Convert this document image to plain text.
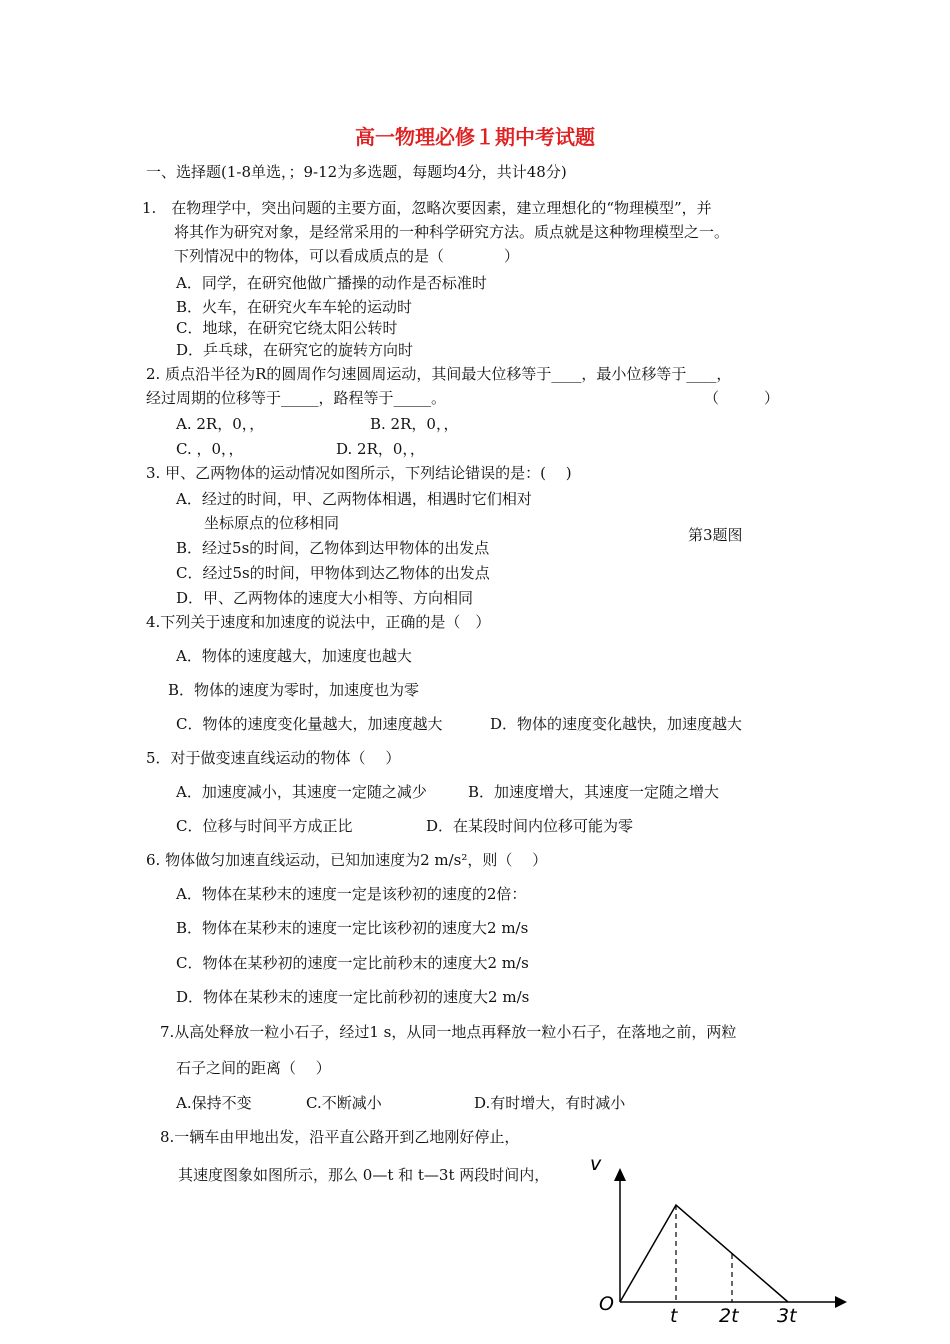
高一物理必修１期中考试题
一、选择题(1-8单选，；9-12为多选题，每题均4分，共计48分)
1.　在物理学中，突出问题的主要方面，忽略次要因素，建立理想化的“物理模型”，并
将其作为研究对象，是经常采用的一种科学研究方法。质点就是这种物理模型之一。
下列情况中的物体，可以看成质点的是（　　　　）
A．同学，在研究他做广播操的动作是否标准时
B．火车，在研究火车车轮的运动时
C．地球，在研究它绕太阳公转时
D．乒乓球，在研究它的旋转方向时
2. 质点沿半径为R的圆周作匀速圆周运动，其间最大位移等于____，最小位移等于____，
经过周期的位移等于_____，路程等于_____。	（　　　）
A. 2R，0，，	B. 2R，0，，
C. ，0，，	D. 2R，0，，
3. 甲、乙两物体的运动情况如图所示，下列结论错误的是：(　 )
A．经过的时间，甲、乙两物体相遇，相遇时它们相对
坐标原点的位移相同
B．经过5s的时间，乙物体到达甲物体的出发点
C．经过5s的时间，甲物体到达乙物体的出发点
D．甲、乙两物体的速度大小相等、方向相同
第3题图
4.下列关于速度和加速度的说法中，正确的是（　）
A．物体的速度越大，加速度也越大
B．物体的速度为零时，加速度也为零
C．物体的速度变化量越大，加速度越大	D．物体的速度变化越快，加速度越大
5．对于做变速直线运动的物体（　 ）
A．加速度减小，其速度一定随之减少	B．加速度增大，其速度一定随之增大
C．位移与时间平方成正比	D．在某段时间内位移可能为零
6. 物体做匀加速直线运动，已知加速度为2 m/s²，则（　 ）
A．物体在某秒末的速度一定是该秒初的速度的2倍：
B．物体在某秒末的速度一定比该秒初的速度大2 m/s
C．物体在某秒初的速度一定比前秒末的速度大2 m/s
D．物体在某秒末的速度一定比前秒初的速度大2 m/s
7.从高处释放一粒小石子，经过1 s，从同一地点再释放一粒小石子，在落地之前，两粒
石子之间的距离（　 ）
A.保持不变	C.不断减小	D.有时增大，有时减小
8.一辆车由甲地出发，沿平直公路开到乙地刚好停止，
其速度图象如图所示，那么 0—t 和 t—3t 两段时间内， v
O
t 2t 3t
